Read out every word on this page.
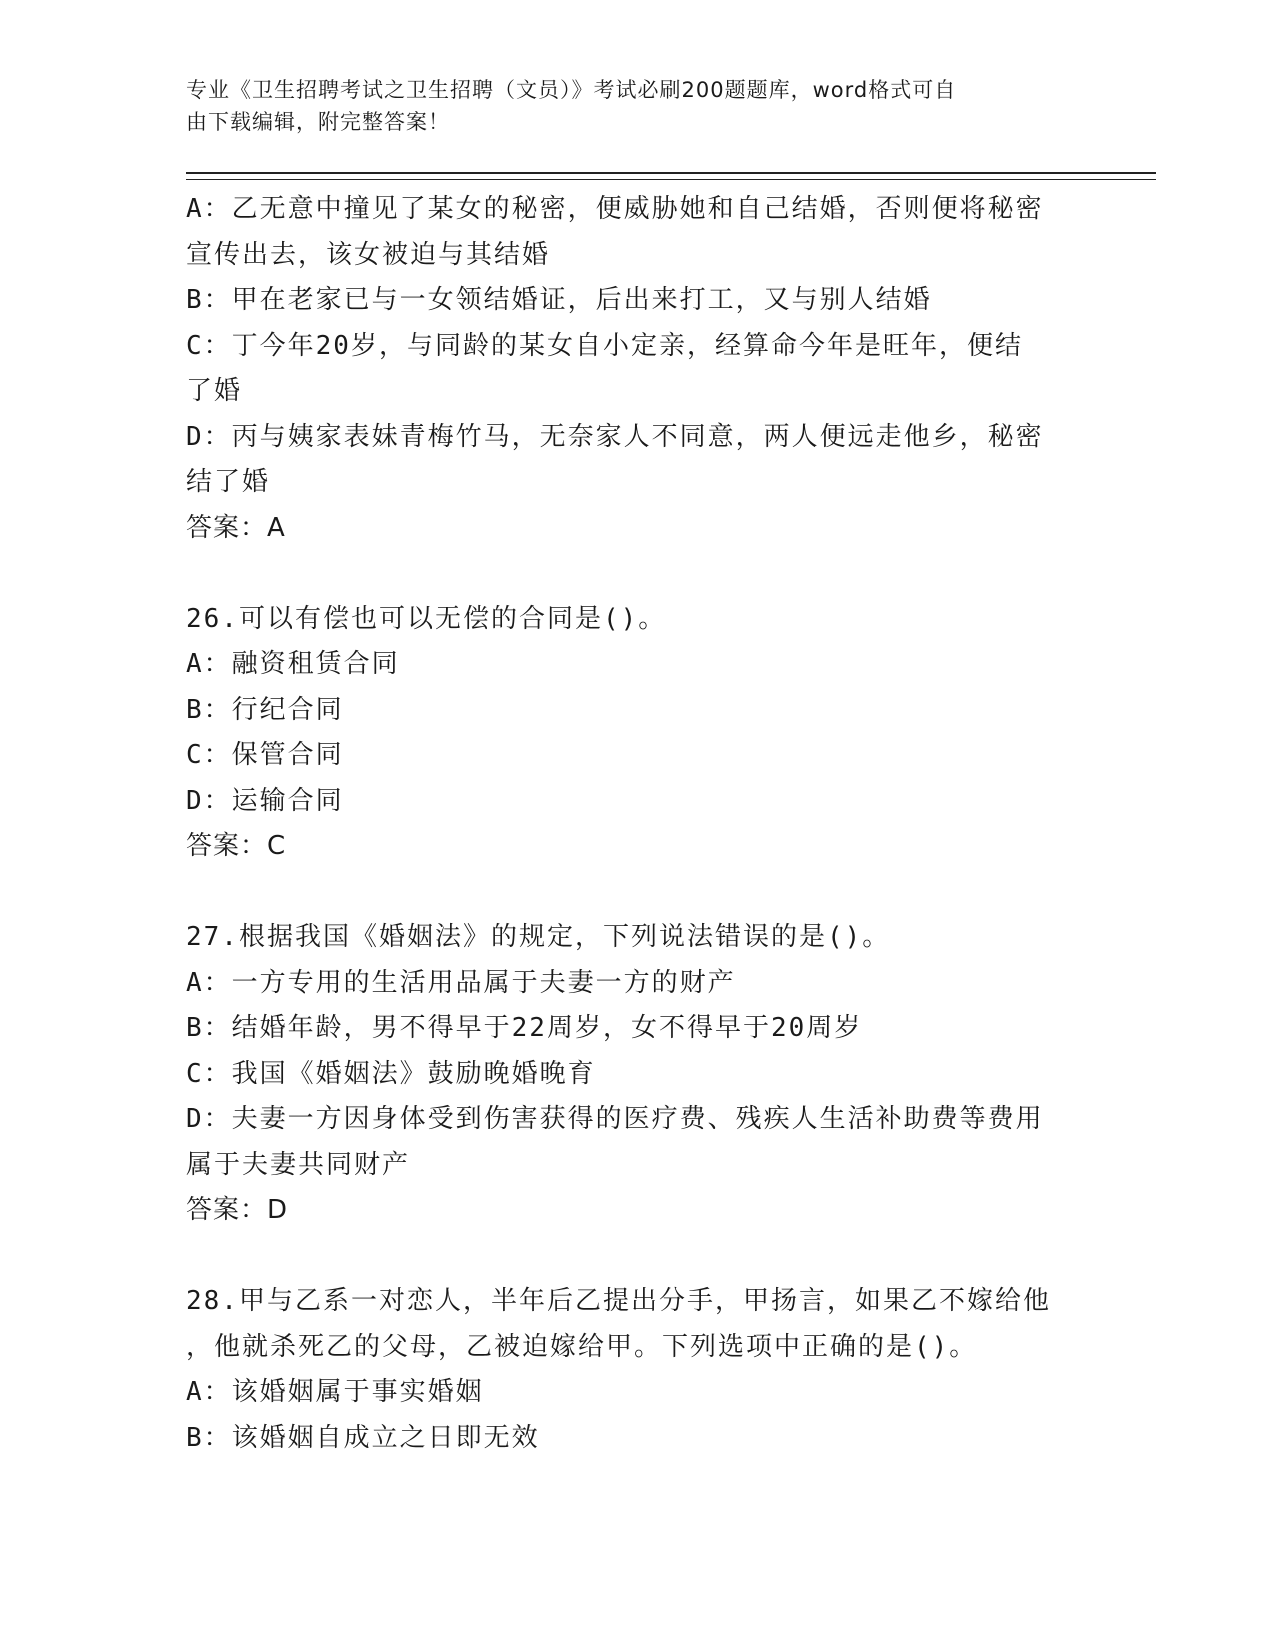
专业《卫生招聘考试之卫生招聘（文员）》考试必刷200题题库，word格式可自
由下载编辑，附完整答案！
A：乙无意中撞见了某女的秘密，便威胁她和自己结婚，否则便将秘密
宣传出去，该女被迫与其结婚
B：甲在老家已与一女领结婚证，后出来打工，又与别人结婚
C：丁今年20岁，与同龄的某女自小定亲，经算命今年是旺年，便结
了婚
D：丙与姨家表妹青梅竹马，无奈家人不同意，两人便远走他乡，秘密
结了婚
答案：A
26.可以有偿也可以无偿的合同是()。
A：融资租赁合同
B：行纪合同
C：保管合同
D：运输合同
答案：C
27.根据我国《婚姻法》的规定，下列说法错误的是()。
A：一方专用的生活用品属于夫妻一方的财产
B：结婚年龄，男不得早于22周岁，女不得早于20周岁
C：我国《婚姻法》鼓励晚婚晚育
D：夫妻一方因身体受到伤害获得的医疗费、残疾人生活补助费等费用
属于夫妻共同财产
答案：D
28.甲与乙系一对恋人，半年后乙提出分手，甲扬言，如果乙不嫁给他
，他就杀死乙的父母，乙被迫嫁给甲。下列选项中正确的是()。
A：该婚姻属于事实婚姻
B：该婚姻自成立之日即无效
